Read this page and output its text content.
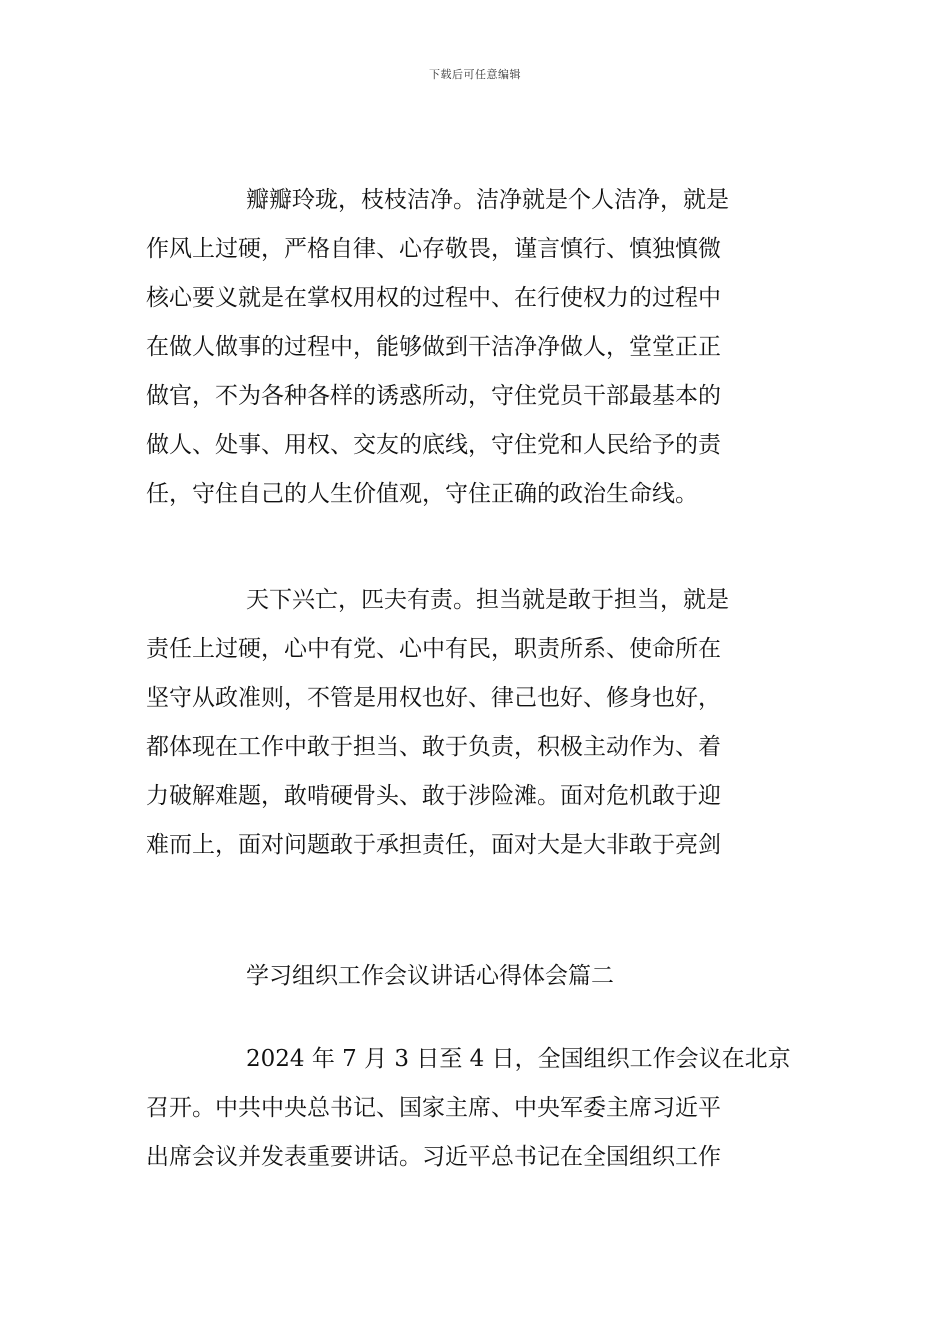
下载后可任意编辑

瓣瓣玲珑，枝枝洁净。洁净就是个人洁净，就是
作风上过硬，严格自律、心存敬畏，谨言慎行、慎独慎微
核心要义就是在掌权用权的过程中、在行使权力的过程中
在做人做事的过程中，能够做到干洁净净做人，堂堂正正
做官，不为各种各样的诱惑所动，守住党员干部最基本的
做人、处事、用权、交友的底线，守住党和人民给予的责
任，守住自己的人生价值观，守住正确的政治生命线。

天下兴亡，匹夫有责。担当就是敢于担当，就是
责任上过硬，心中有党、心中有民，职责所系、使命所在
坚守从政准则，不管是用权也好、律己也好、修身也好，
都体现在工作中敢于担当、敢于负责，积极主动作为、着
力破解难题，敢啃硬骨头、敢于涉险滩。面对危机敢于迎
难而上，面对问题敢于承担责任，面对大是大非敢于亮剑

学习组织工作会议讲话心得体会篇二

2024 年 7 月 3 日至 4 日，全国组织工作会议在北京
召开。中共中央总书记、国家主席、中央军委主席习近平
出席会议并发表重要讲话。习近平总书记在全国组织工作
